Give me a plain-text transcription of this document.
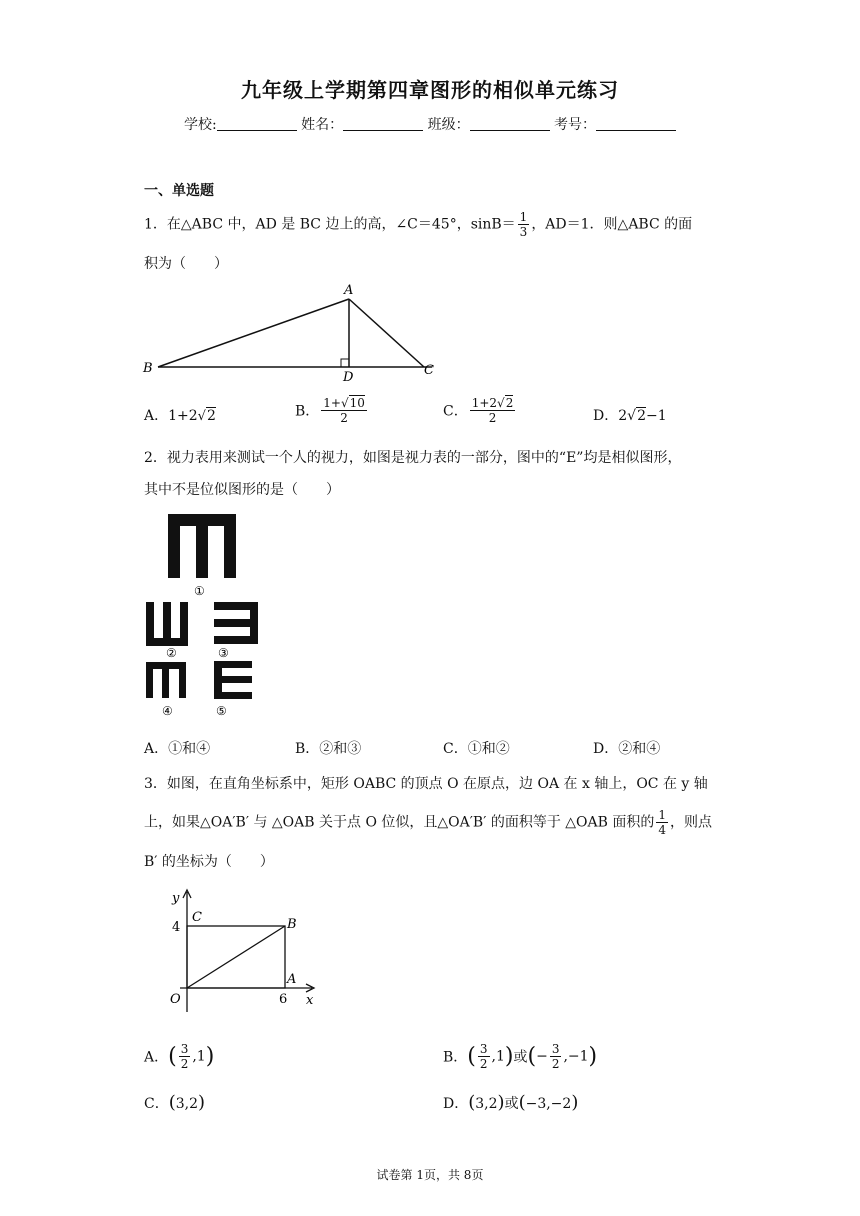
九年级上学期第四章图形的相似单元练习
学校:	姓名：	班级：	考号：
一、单选题
1．在△ABC 中，AD 是 BC 边上的高，∠C＝45°，$\sin B= \frac{1}{3}$ ，AD＝1．则△ABC 的面
积为（　　）
A
B	C
D
A．1+2√2	B． $\frac{1+√10}{2}$	C． $\frac{1+2√2}{2}$	D．2√2−1
2．视力表用来测试一个人的视力，如图是视力表的一部分，图中的“E”均是相似图形，
其中不是位似图形的是（　　）
①
②	③
④	⑤
A．①和④	B．②和③	C．①和②	D．②和④
3．如图，在直角坐标系中，矩形 OABC 的顶点 O 在原点，边 OA 在 x 轴上，OC 在 y 轴
上，如果△OA′B′ 与 △OAB 关于点 O 位似，且△OA′B′ 的面积等于 △OAB 面积的 $\frac{1}{4}$ ，则点
B′ 的坐标为（　　）
y
x
C	B
A
O
4
6
A．( $\frac{3}{2} ,1$)	B．( $\frac{3}{2} ,1$)或(− $\frac{3}{2} ,-1$)
C．(3,2)	D．(3,2)或(−3,−2)
试卷第 1页，共 8页
